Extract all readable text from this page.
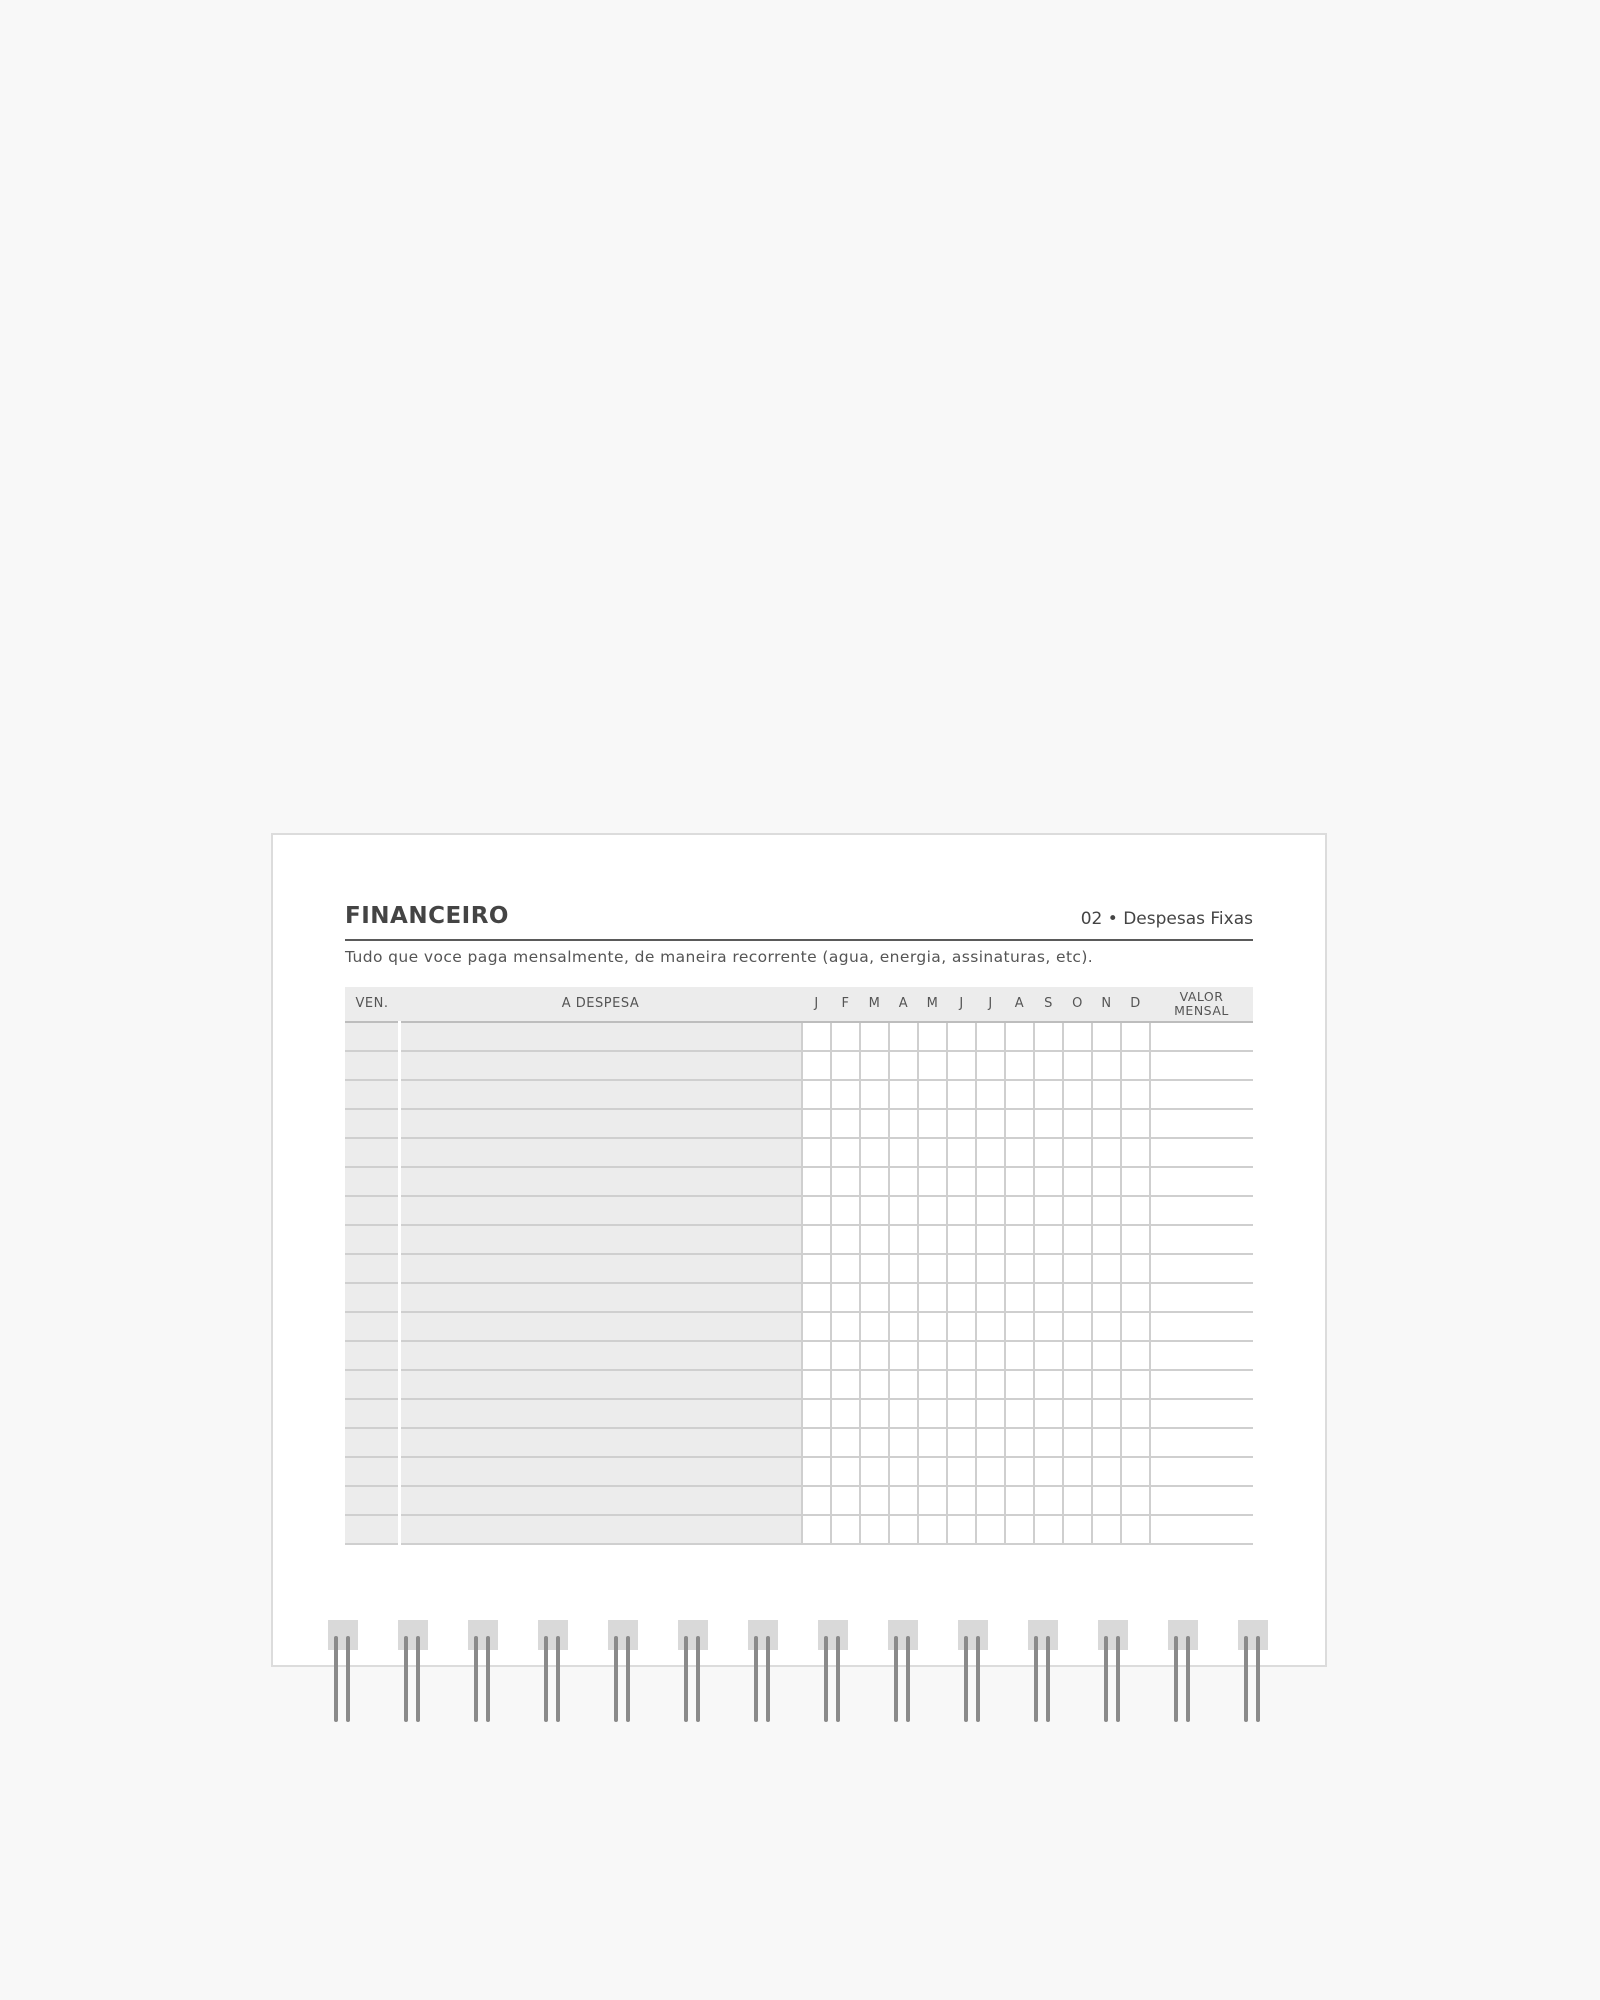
FINANCEIRO	02 • Despesas Fixas
Tudo que voce paga mensalmente, de maneira recorrente (agua, energia, assinaturas, etc).
VEN.	A DESPESA	J	F	M	A	M	J	J	A	S	O	N	D	VALOR
MENSAL
